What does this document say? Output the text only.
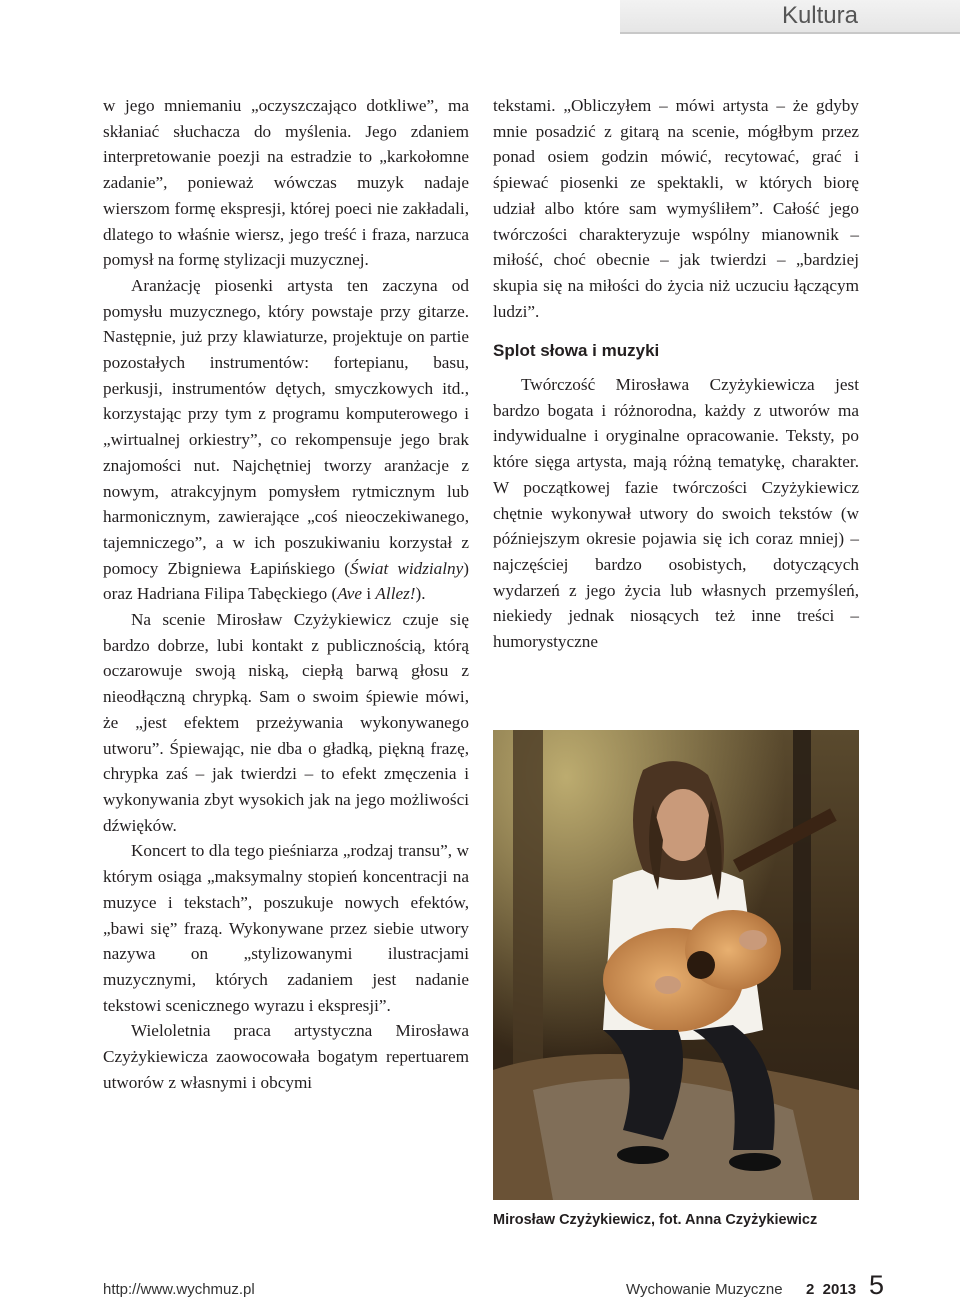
Kultura

w jego mniemaniu „oczyszczająco dotkliwe”, ma skłaniać słuchacza do myślenia. Jego zdaniem interpretowanie poezji na estradzie to „karkołomne zadanie”, ponieważ wówczas muzyk nadaje wierszom formę ekspresji, której poeci nie zakładali, dlatego to właśnie wiersz, jego treść i fraza, narzuca pomysł na formę stylizacji muzycznej.

Aranżację piosenki artysta ten zaczyna od pomysłu muzycznego, który powstaje przy gitarze. Następnie, już przy klawiaturze, projektuje on partie pozostałych instrumentów: fortepianu, basu, perkusji, instrumentów dętych, smyczkowych itd., korzystając przy tym z programu komputerowego i „wirtualnej orkiestry”, co rekompensuje jego brak znajomości nut. Najchętniej tworzy aranżacje z nowym, atrakcyjnym pomysłem rytmicznym lub harmonicznym, zawierające „coś nieoczekiwanego, tajemniczego”, a w ich poszukiwaniu korzystał z pomocy Zbigniewa Łapińskiego (Świat widzialny) oraz Hadriana Filipa Tabęckiego (Ave i Allez!).

Na scenie Mirosław Czyżykiewicz czuje się bardzo dobrze, lubi kontakt z publicznością, którą oczarowuje swoją niską, ciepłą barwą głosu z nieodłączną chrypką. Sam o swoim śpiewie mówi, że „jest efektem przeżywania wykonywanego utworu”. Śpiewając, nie dba o gładką, piękną frazę, chrypka zaś – jak twierdzi – to efekt zmęczenia i wykonywania zbyt wysokich jak na jego możliwości dźwięków.

Koncert to dla tego pieśniarza „rodzaj transu”, w którym osiąga „maksymalny stopień koncentracji na muzyce i tekstach”, poszukuje nowych efektów, „bawi się” frazą. Wykonywane przez siebie utwory nazywa on „stylizowanymi ilustracjami muzycznymi, których zadaniem jest nadanie tekstowi scenicznego wyrazu i ekspresji”.

Wieloletnia praca artystyczna Mirosława Czyżykiewicza zaowocowała bogatym repertuarem utworów z własnymi i obcymi

tekstami. „Obliczyłem – mówi artysta – że gdyby mnie posadzić z gitarą na scenie, mógłbym przez ponad osiem godzin mówić, recytować, grać i śpiewać piosenki ze spektakli, w których biorę udział albo które sam wymyśliłem”. Całość jego twórczości charakteryzuje wspólny mianownik – miłość, choć obecnie – jak twierdzi – „bardziej skupia się na miłości do życia niż uczuciu łączącym ludzi”.

Splot słowa i muzyki

Twórczość Mirosława Czyżykiewicza jest bardzo bogata i różnorodna, każdy z utworów ma indywidualne i oryginalne opracowanie. Teksty, po które sięga artysta, mają różną tematykę, charakter. W początkowej fazie twórczości Czyżykiewicz chętnie wykonywał utwory do swoich tekstów (w późniejszym okresie pojawia się ich coraz mniej) – najczęściej bardzo osobistych, dotyczących wydarzeń z jego życia lub własnych przemyśleń, niekiedy jednak niosących też inne treści – humorystyczne

Mirosław Czyżykiewicz, fot. Anna Czyżykiewicz
http://www.wychmuz.pl	Wychowanie Muzyczne 2  2013 5
